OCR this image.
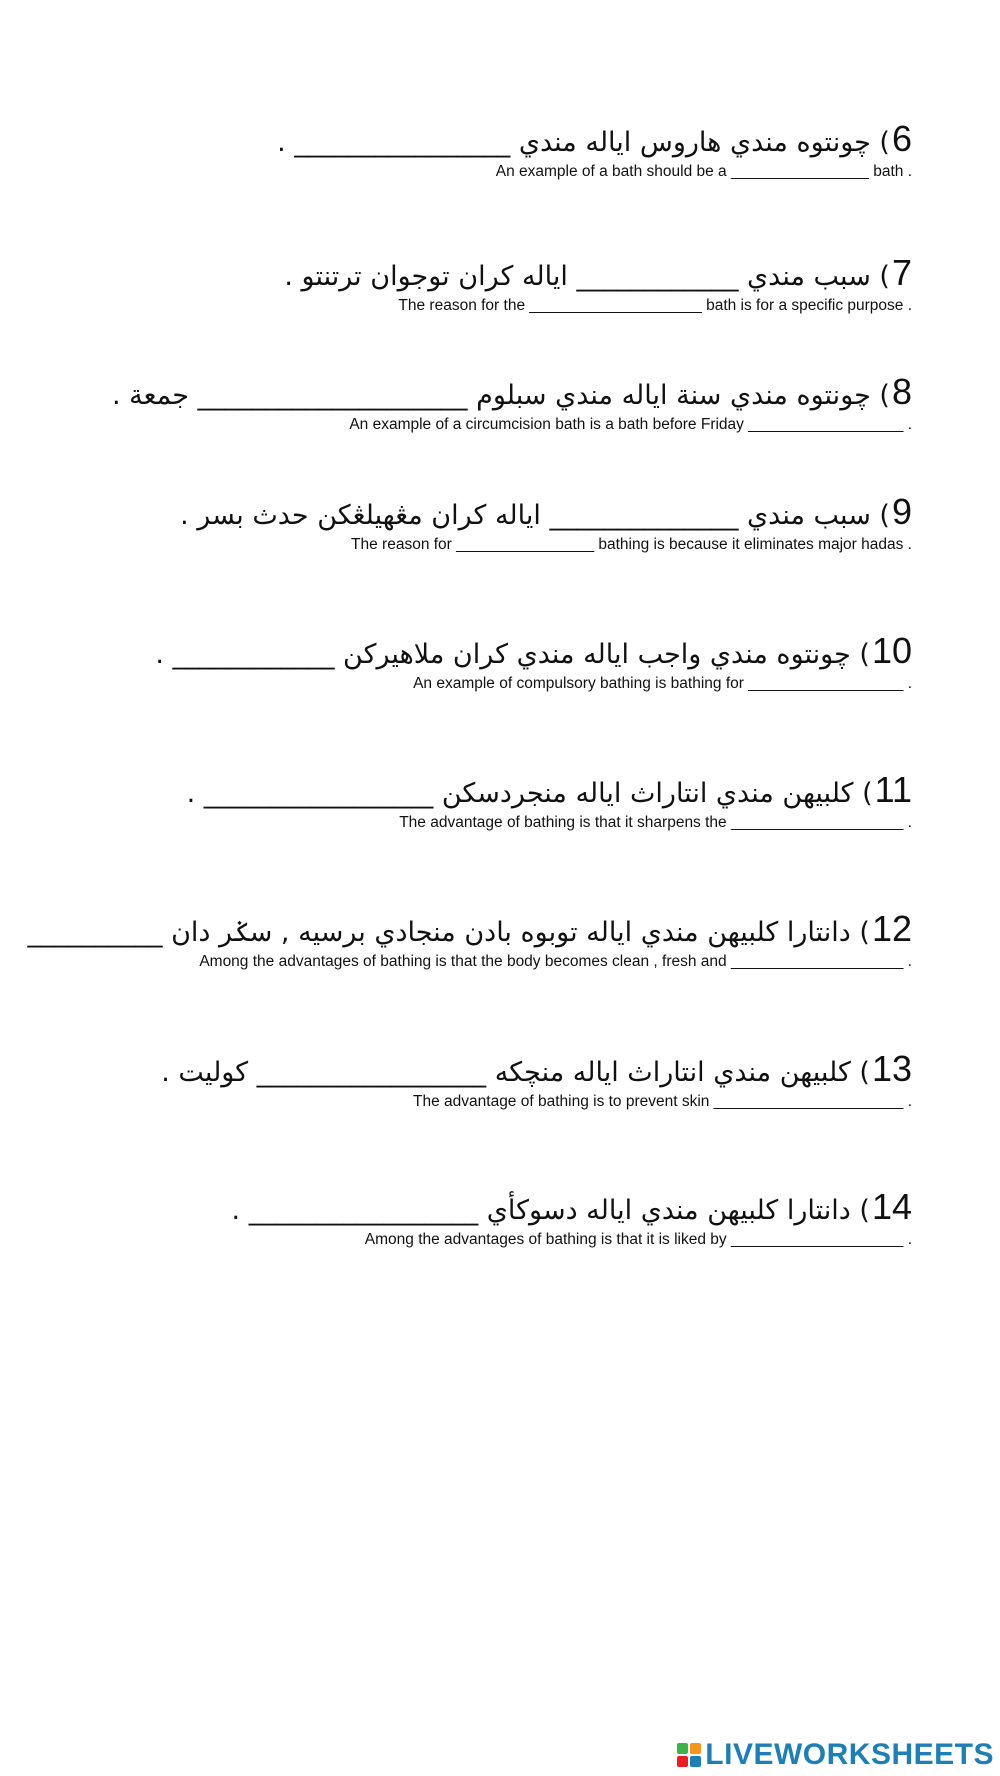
6) چونتوه مندي هاروس اياله مندي ________________ .
An example of a bath should be a ________________ bath .
7) سبب مندي ____________ اياله کران توجوان ترتنتو .
The reason for the ____________________ bath is for a specific purpose .
8) چونتوه مندي سنة اياله مندي سبلوم ____________________ جمعة .
An example of a circumcision bath is a bath before Friday __________________ .
9) سبب مندي ______________ اياله کران مڠهيلڠکن حدث بسر .
The reason for ________________ bathing is because it eliminates major hadas .
10) چونتوه مندي واجب اياله مندي کران ملاهيرکن ____________ .
An example of compulsory bathing is bathing for __________________ .
11) کلبيهن مندي انتاراث اياله منجردسکن _________________ .
The advantage of bathing is that it sharpens the ____________________ .
12) دانتارا کلبيهن مندي اياله توبوه بادن منجادي برسيه , سݢر دان __________
Among the advantages of bathing is that the body becomes clean , fresh and ____________________ .
13) کلبيهن مندي انتاراث اياله منچکه _________________ کوليت .
The advantage of bathing is to prevent skin ______________________ .
14) دانتارا کلبيهن مندي اياله دسوکأي _________________ .
Among the advantages of bathing is that it is liked by ____________________ .
LIVEWORKSHEETS
